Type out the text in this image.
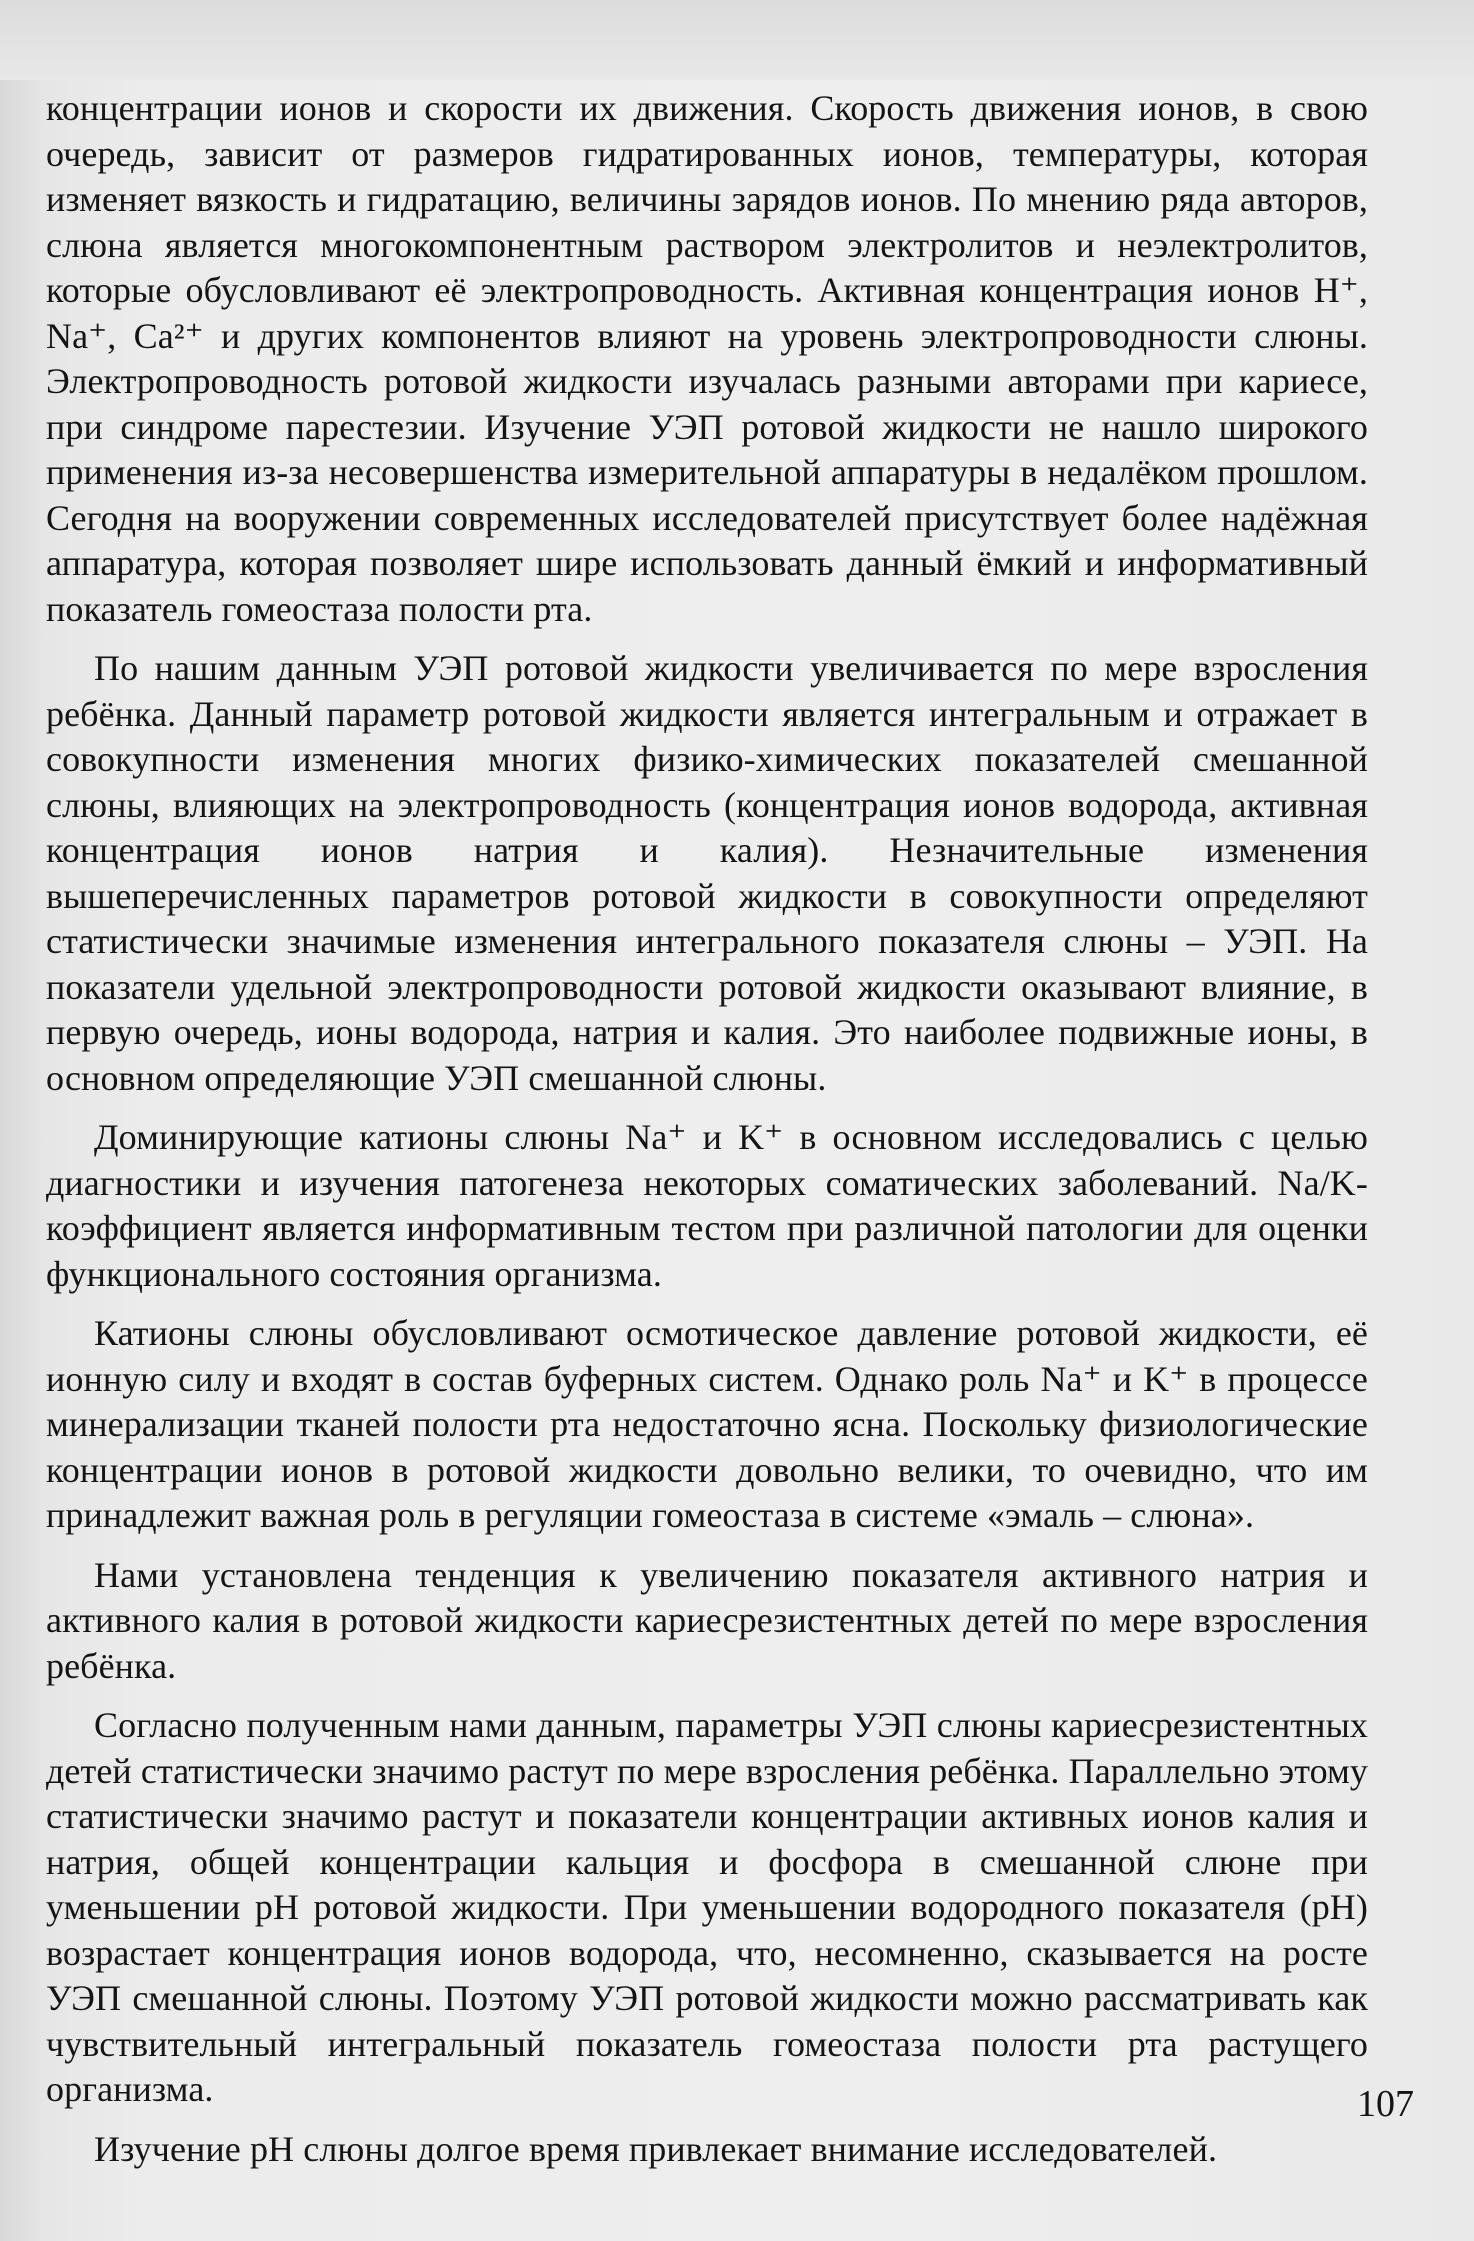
концентрации ионов и скорости их движения. Скорость движения ионов, в свою очередь, зависит от размеров гидратированных ионов, температуры, которая изменяет вязкость и гидратацию, величины зарядов ионов. По мнению ряда авторов, слюна является многокомпонентным раствором электролитов и неэлектролитов, которые обусловливают её электропроводность. Активная концентрация ионов H⁺, Na⁺, Ca²⁺ и других компонентов влияют на уровень электропроводности слюны. Электропроводность ротовой жидкости изучалась разными авторами при кариесе, при синдроме парестезии. Изучение УЭП ротовой жидкости не нашло широкого применения из-за несовершенства измерительной аппаратуры в недалёком прошлом. Сегодня на вооружении современных исследователей присутствует более надёжная аппаратура, которая позволяет шире использовать данный ёмкий и информативный показатель гомеостаза полости рта.

По нашим данным УЭП ротовой жидкости увеличивается по мере взросления ребёнка. Данный параметр ротовой жидкости является интегральным и отражает в совокупности изменения многих физико-химических показателей смешанной слюны, влияющих на электропроводность (концентрация ионов водорода, активная концентрация ионов натрия и калия). Незначительные изменения вышеперечисленных параметров ротовой жидкости в совокупности определяют статистически значимые изменения интегрального показателя слюны – УЭП. На показатели удельной электропроводности ротовой жидкости оказывают влияние, в первую очередь, ионы водорода, натрия и калия. Это наиболее подвижные ионы, в основном определяющие УЭП смешанной слюны.

Доминирующие катионы слюны Na⁺ и K⁺ в основном исследовались с целью диагностики и изучения патогенеза некоторых соматических заболеваний. Na/K-коэффициент является информативным тестом при различной патологии для оценки функционального состояния организма.

Катионы слюны обусловливают осмотическое давление ротовой жидкости, её ионную силу и входят в состав буферных систем. Однако роль Na⁺ и K⁺ в процессе минерализации тканей полости рта недостаточно ясна. Поскольку физиологические концентрации ионов в ротовой жидкости довольно велики, то очевидно, что им принадлежит важная роль в регуляции гомеостаза в системе «эмаль – слюна».

Нами установлена тенденция к увеличению показателя активного натрия и активного калия в ротовой жидкости кариесрезистентных детей по мере взросления ребёнка.

Согласно полученным нами данным, параметры УЭП слюны кариесрезистентных детей статистически значимо растут по мере взросления ребёнка. Параллельно этому статистически значимо растут и показатели концентрации активных ионов калия и натрия, общей концентрации кальция и фосфора в смешанной слюне при уменьшении pH ротовой жидкости. При уменьшении водородного показателя (pH) возрастает концентрация ионов водорода, что, несомненно, сказывается на росте УЭП смешанной слюны. Поэтому УЭП ротовой жидкости можно рассматривать как чувствительный интегральный показатель гомеостаза полости рта растущего организма.

Изучение pH слюны долгое время привлекает внимание исследователей.

107
